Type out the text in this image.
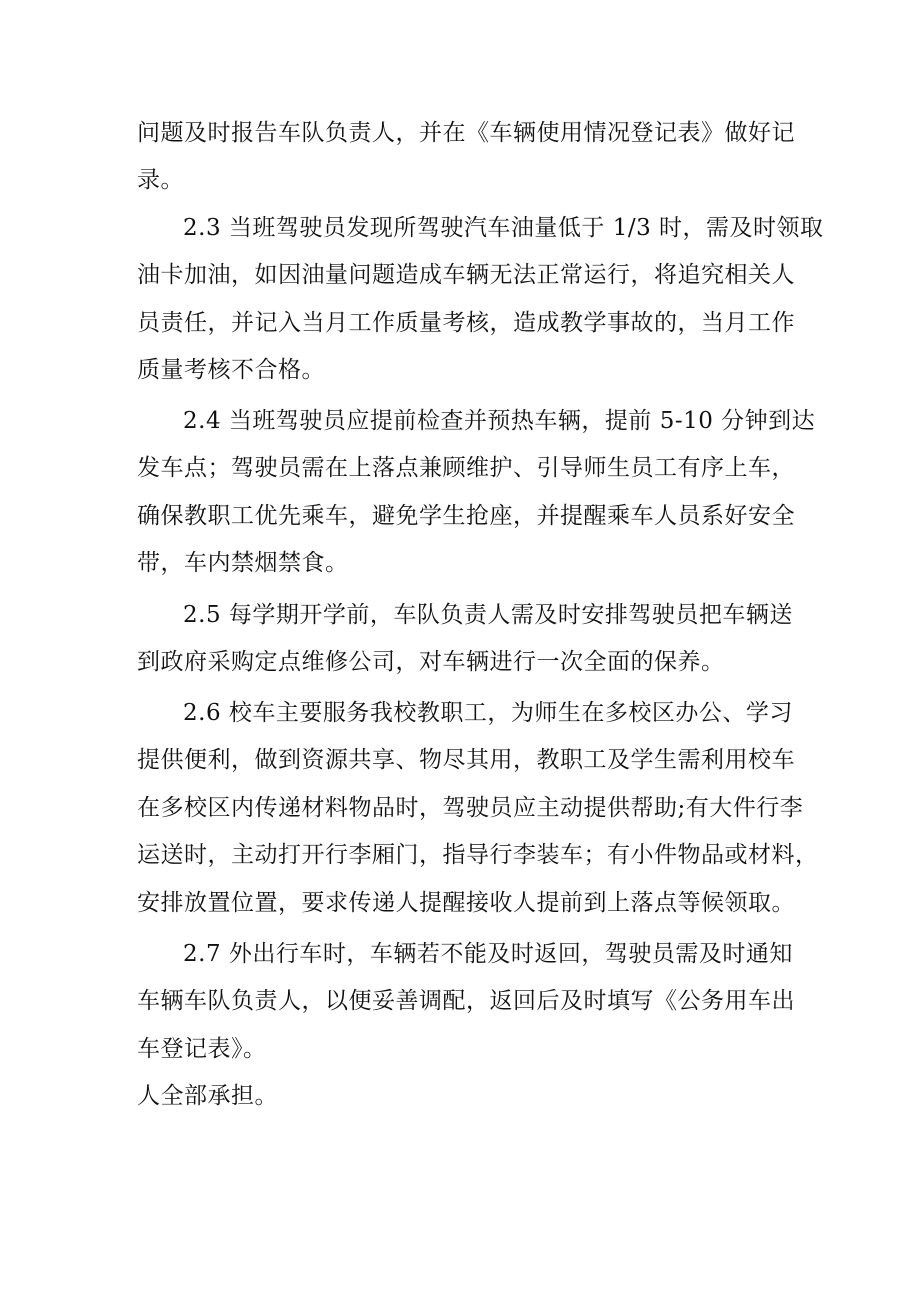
问题及时报告车队负责人，并在《车辆使用情况登记表》做好记
录。
2.3 当班驾驶员发现所驾驶汽车油量低于 1/3 时，需及时领取
油卡加油，如因油量问题造成车辆无法正常运行，将追究相关人
员责任，并记入当月工作质量考核，造成教学事故的，当月工作
质量考核不合格。
2.4 当班驾驶员应提前检查并预热车辆，提前 5-10 分钟到达
发车点；驾驶员需在上落点兼顾维护、引导师生员工有序上车，
确保教职工优先乘车，避免学生抢座，并提醒乘车人员系好安全
带，车内禁烟禁食。
2.5 每学期开学前，车队负责人需及时安排驾驶员把车辆送
到政府采购定点维修公司，对车辆进行一次全面的保养。
2.6 校车主要服务我校教职工，为师生在多校区办公、学习
提供便利，做到资源共享、物尽其用，教职工及学生需利用校车
在多校区内传递材料物品时，驾驶员应主动提供帮助;有大件行李
运送时，主动打开行李厢门，指导行李装车；有小件物品或材料，
安排放置位置，要求传递人提醒接收人提前到上落点等候领取。
2.7 外出行车时，车辆若不能及时返回，驾驶员需及时通知
车辆车队负责人，以便妥善调配，返回后及时填写《公务用车出
车登记表》。
人全部承担。
